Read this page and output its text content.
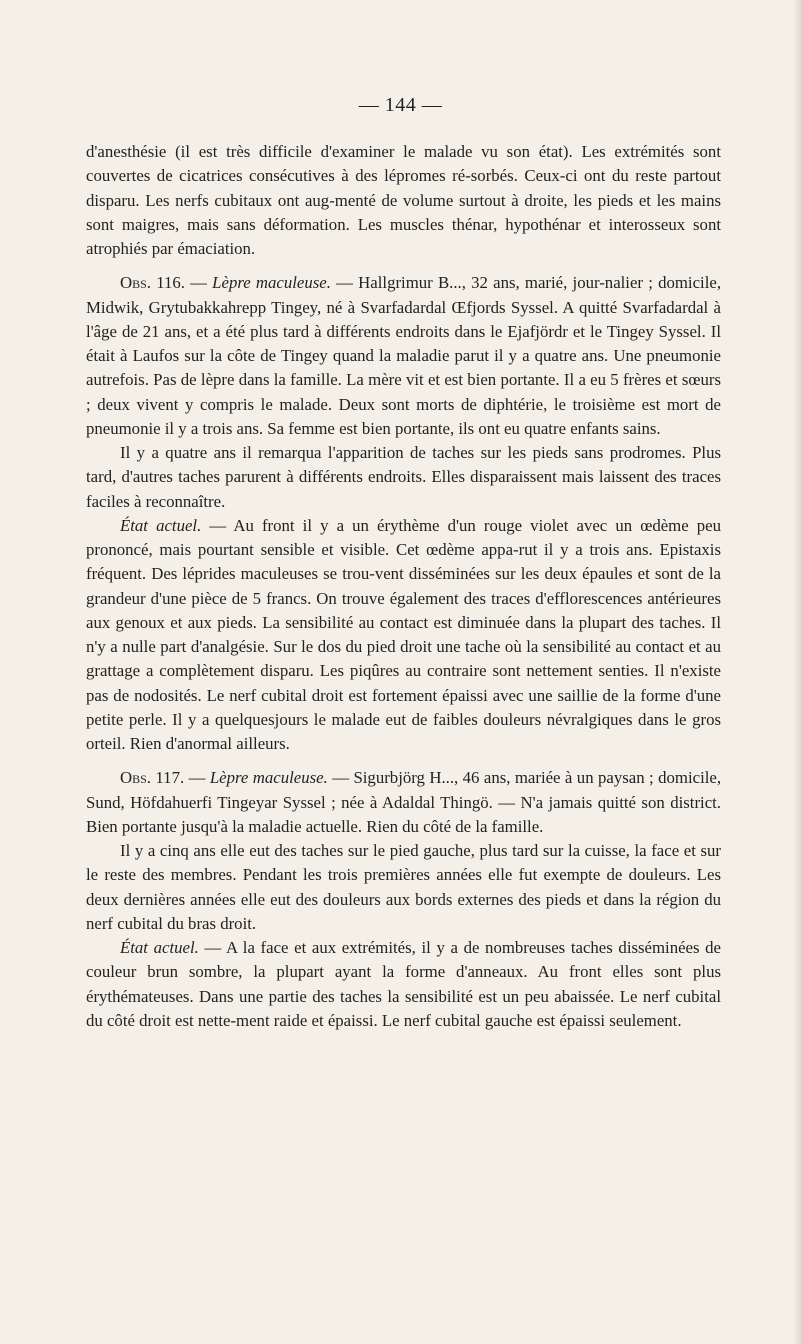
— 144 —

d'anesthésie (il est très difficile d'examiner le malade vu son état). Les extrémités sont couvertes de cicatrices consécutives à des lépromes ré-sorbés. Ceux-ci ont du reste partout disparu. Les nerfs cubitaux ont aug-menté de volume surtout à droite, les pieds et les mains sont maigres, mais sans déformation. Les muscles thénar, hypothénar et interosseux sont atrophiés par émaciation.

Obs. 116. — Lèpre maculeuse. — Hallgrimur B..., 32 ans, marié, jour-nalier ; domicile, Midwik, Grytubakkahrepp Tingey, né à Svarfadardal Œfjords Syssel. A quitté Svarfadardal à l'âge de 21 ans, et a été plus tard à différents endroits dans le Ejafjördr et le Tingey Syssel. Il était à Laufos sur la côte de Tingey quand la maladie parut il y a quatre ans. Une pneumonie autrefois. Pas de lèpre dans la famille. La mère vit et est bien portante. Il a eu 5 frères et sœurs ; deux vivent y compris le malade. Deux sont morts de diphtérie, le troisième est mort de pneumonie il y a trois ans. Sa femme est bien portante, ils ont eu quatre enfants sains.

Il y a quatre ans il remarqua l'apparition de taches sur les pieds sans prodromes. Plus tard, d'autres taches parurent à différents endroits. Elles disparaissent mais laissent des traces faciles à reconnaître.

État actuel. — Au front il y a un érythème d'un rouge violet avec un œdème peu prononcé, mais pourtant sensible et visible. Cet œdème appa-rut il y a trois ans. Epistaxis fréquent. Des léprides maculeuses se trou-vent disséminées sur les deux épaules et sont de la grandeur d'une pièce de 5 francs. On trouve également des traces d'efflorescences antérieures aux genoux et aux pieds. La sensibilité au contact est diminuée dans la plupart des taches. Il n'y a nulle part d'analgésie. Sur le dos du pied droit une tache où la sensibilité au contact et au grattage a complètement disparu. Les piqûres au contraire sont nettement senties. Il n'existe pas de nodosités. Le nerf cubital droit est fortement épaissi avec une saillie de la forme d'une petite perle. Il y a quelquesjours le malade eut de faibles douleurs névralgiques dans le gros orteil. Rien d'anormal ailleurs.

Obs. 117. — Lèpre maculeuse. — Sigurbjörg H..., 46 ans, mariée à un paysan ; domicile, Sund, Höfdahuerfi Tingeyar Syssel ; née à Adaldal Thingö. — N'a jamais quitté son district. Bien portante jusqu'à la maladie actuelle. Rien du côté de la famille.

Il y a cinq ans elle eut des taches sur le pied gauche, plus tard sur la cuisse, la face et sur le reste des membres. Pendant les trois premières années elle fut exempte de douleurs. Les deux dernières années elle eut des douleurs aux bords externes des pieds et dans la région du nerf cubital du bras droit.

État actuel. — A la face et aux extrémités, il y a de nombreuses taches disséminées de couleur brun sombre, la plupart ayant la forme d'anneaux. Au front elles sont plus érythémateuses. Dans une partie des taches la sensibilité est un peu abaissée. Le nerf cubital du côté droit est nette-ment raide et épaissi. Le nerf cubital gauche est épaissi seulement.
